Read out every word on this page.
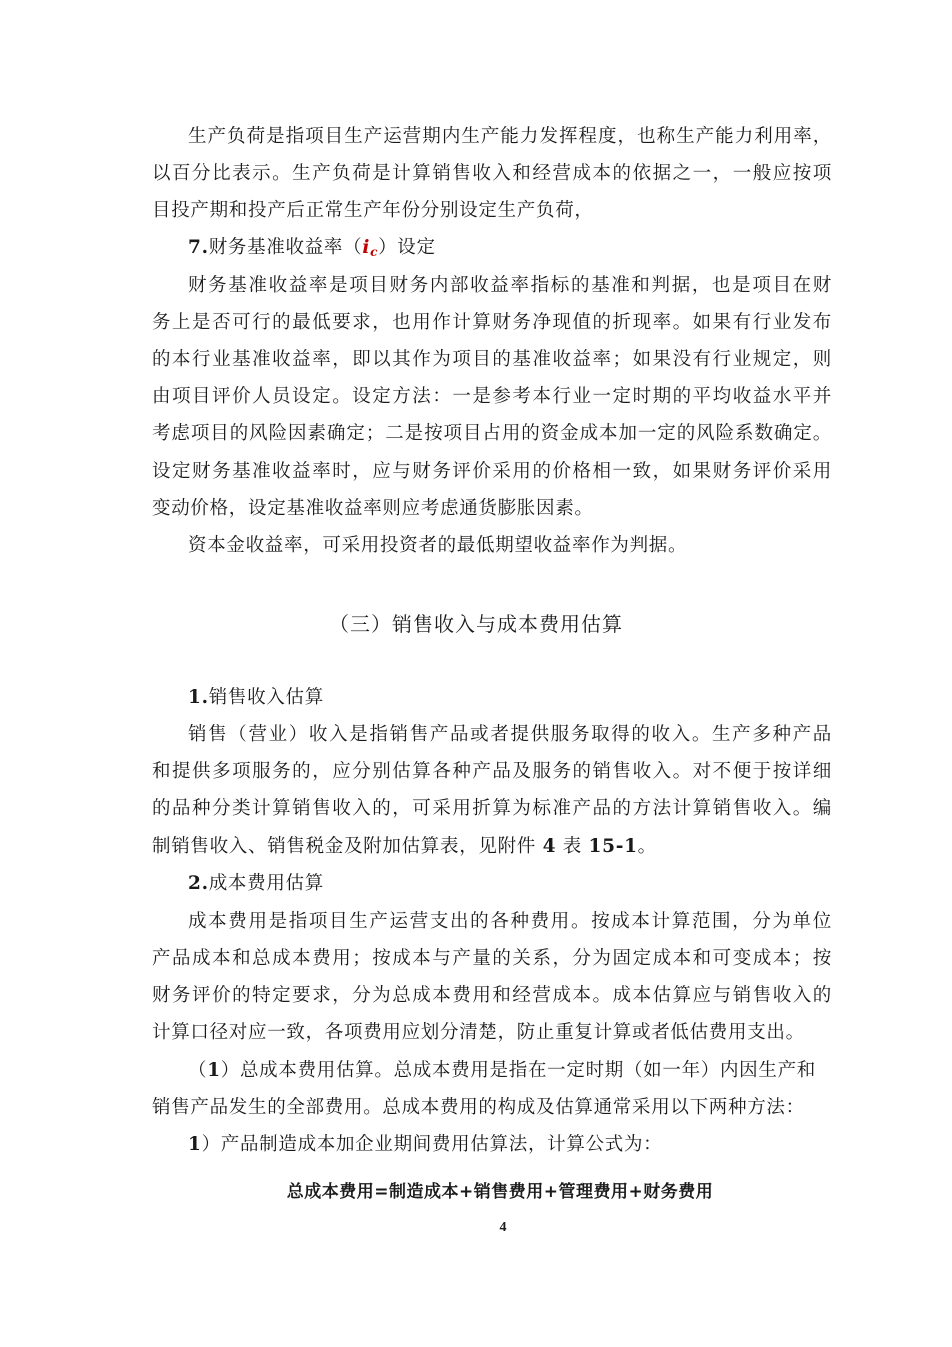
生产负荷是指项目生产运营期内生产能力发挥程度，也称生产能力利用率，
以百分比表示。生产负荷是计算销售收入和经营成本的依据之一，一般应按项
目投产期和投产后正常生产年份分别设定生产负荷，
7.财务基准收益率$(i_c)$设定
财务基准收益率是项目财务内部收益率指标的基准和判据，也是项目在财
务上是否可行的最低要求，也用作计算财务净现值的折现率。如果有行业发布
的本行业基准收益率，即以其作为项目的基准收益率；如果没有行业规定，则
由项目评价人员设定。设定方法：一是参考本行业一定时期的平均收益水平并
考虑项目的风险因素确定；二是按项目占用的资金成本加一定的风险系数确定。
设定财务基准收益率时，应与财务评价采用的价格相一致，如果财务评价采用
变动价格，设定基准收益率则应考虑通货膨胀因素。
资本金收益率，可采用投资者的最低期望收益率作为判据。
（三）销售收入与成本费用估算
1.销售收入估算
销售（营业）收入是指销售产品或者提供服务取得的收入。生产多种产品
和提供多项服务的，应分别估算各种产品及服务的销售收入。对不便于按详细
的品种分类计算销售收入的，可采用折算为标准产品的方法计算销售收入。编
制销售收入、销售税金及附加估算表，见附件 4 表 15-1。
2.成本费用估算
成本费用是指项目生产运营支出的各种费用。按成本计算范围，分为单位
产品成本和总成本费用；按成本与产量的关系，分为固定成本和可变成本；按
财务评价的特定要求，分为总成本费用和经营成本。成本估算应与销售收入的
计算口径对应一致，各项费用应划分清楚，防止重复计算或者低估费用支出。
（1）总成本费用估算。总成本费用是指在一定时期（如一年）内因生产和
销售产品发生的全部费用。总成本费用的构成及估算通常采用以下两种方法：
1）产品制造成本加企业期间费用估算法，计算公式为：
总成本费用=制造成本+销售费用+管理费用+财务费用
4
